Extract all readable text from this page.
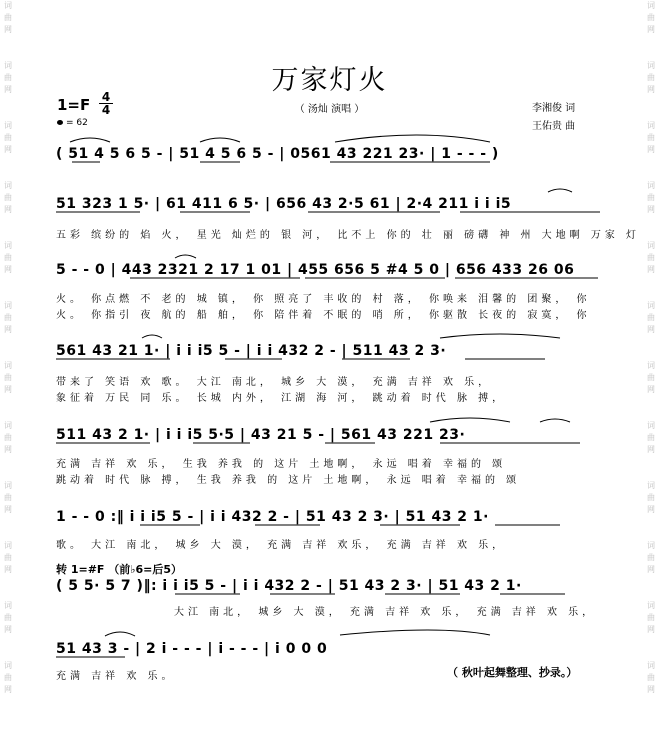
词
曲
网
词
曲
网
词
曲
网
词
曲
网
词
曲
网
词
曲
网
词
曲
网
词
曲
网
词
曲
网
词
曲
网
词
曲
网
词
曲
网
词
曲
网
词
曲
网
词
曲
网
词
曲
网
词
曲
网
词
曲
网
词
曲
网
词
曲
网
词
曲
网
词
曲
网
词
曲
网
词
曲
网
万家灯火
$1=F \frac{4}{4}$
= 62
（ 汤灿 演唱 ）	李湘俊 词
王佑贵 曲
( 51 4 5 6 5 - | 51 4 5 6 5 - | 0561 43 221 23· | 1 - - - )
51 323 1 5· | 61 411 6 5· | 656 43 2·5 61 | 2·4 211 i i i5
五彩 缤纷的 焰 火， 星光 灿烂的 银 河， 比不上 你的 壮 丽 磅礴 神 州 大地啊 万家 灯
5 - - 0 | 443 2321 2 17 1 01 | 455 656 5 #4 5 0 | 656 433 26 06
火。 你点燃 不 老的 城 镇， 你 照亮了 丰收的 村 落， 你唤来 泪馨的 团聚， 你
火。 你指引 夜 航的 船 舶， 你 陪伴着 不眠的 哨 所， 你驱散 长夜的 寂寞， 你
561 43 21 1· | i i i5 5 - | i i 432 2 - | 511 43 2 3·
带来了 笑语 欢 歌。 大江 南北， 城乡 大 漠， 充满 吉祥 欢 乐，
象征着 万民 同 乐。 长城 内外， 江湖 海 河， 跳动着 时代 脉 搏，
511 43 2 1· | i i i5 5·5 | 43 21 5 - | 561 43 221 23·
充满 吉祥 欢 乐， 生我 养我 的 这片 土地啊， 永远 唱着 幸福的 颂
跳动着 时代 脉 搏， 生我 养我 的 这片 土地啊， 永远 唱着 幸福的 颂
1 - - 0 :‖ i i i5 5 - | i i 432 2 - | 51 43 2 3· | 51 43 2 1·
歌。 大江 南北， 城乡 大 漠， 充满 吉祥 欢乐， 充满 吉祥 欢 乐，
转 1=#F （前♭6=后5）
( 5 5· 5 7 )‖: i i i5 5 - | i i 432 2 - | 51 43 2 3· | 51 43 2 1·
大江 南北， 城乡 大 漠， 充满 吉祥 欢 乐， 充满 吉祥 欢 乐，
51 43 3 - | 2 i - - - | i - - - | i 0 0 0
充满 吉祥 欢 乐。	（ 秋叶起舞整理、抄录。）
